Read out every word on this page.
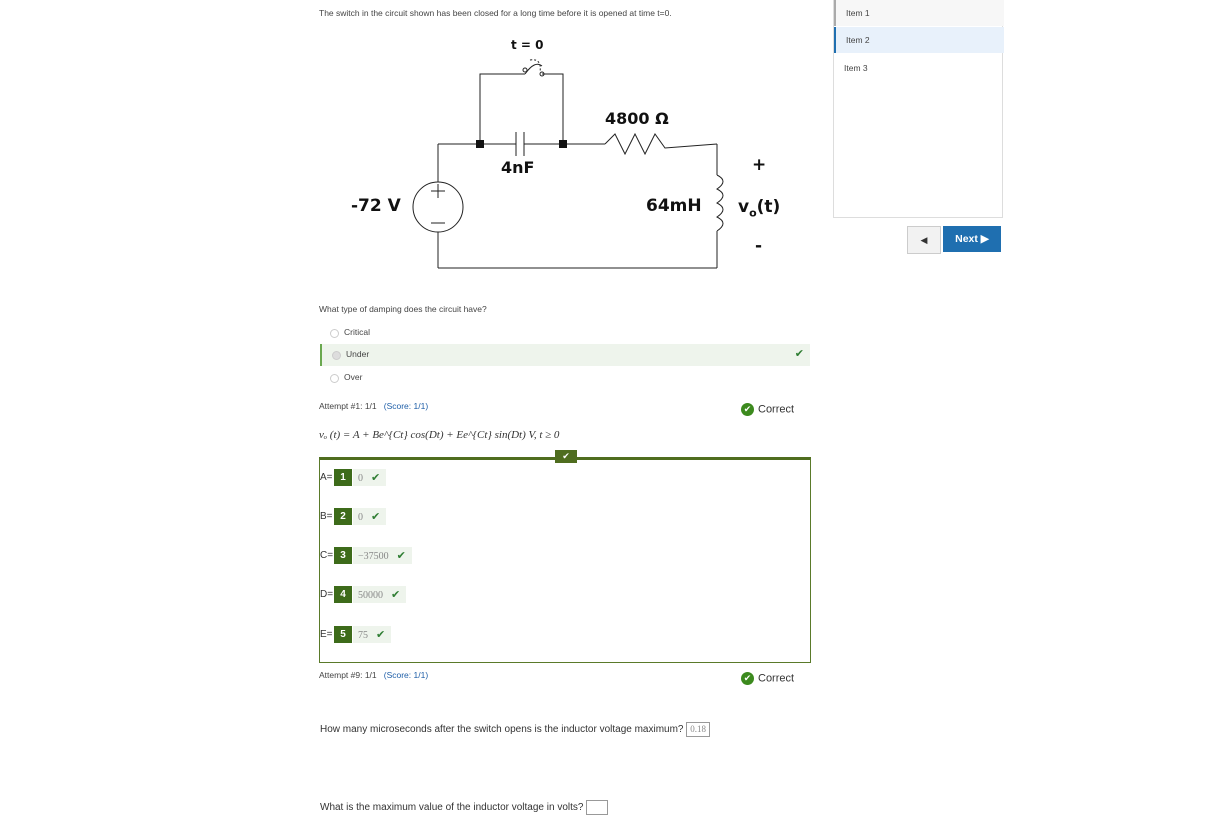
The switch in the circuit shown has been closed for a long time before it is opened at time t=0.
t = 0
4800 Ω
4nF
-72 V	64mH
+
$v_o(t)$
-
What type of damping does the circuit have?
Critical
Under	✔
Over
Attempt #1: 1/1 (Score: 1/1)	✔ Correct
vₒ (t) = A + Be^{Ct} cos(Dt) + Ee^{Ct} sin(Dt) V, t ≥ 0
✔
A= 1	0 ✔
B= 2	0 ✔
C= 3	−37500 ✔
D= 4	50000 ✔
E= 5	75 ✔
Attempt #9: 1/1 (Score: 1/1)	✔ Correct
How many microseconds after the switch opens is the inductor voltage maximum? 0.18
What is the maximum value of the inductor voltage in volts?
Item 1
Item 2
Item 3
◀	Next ▶
